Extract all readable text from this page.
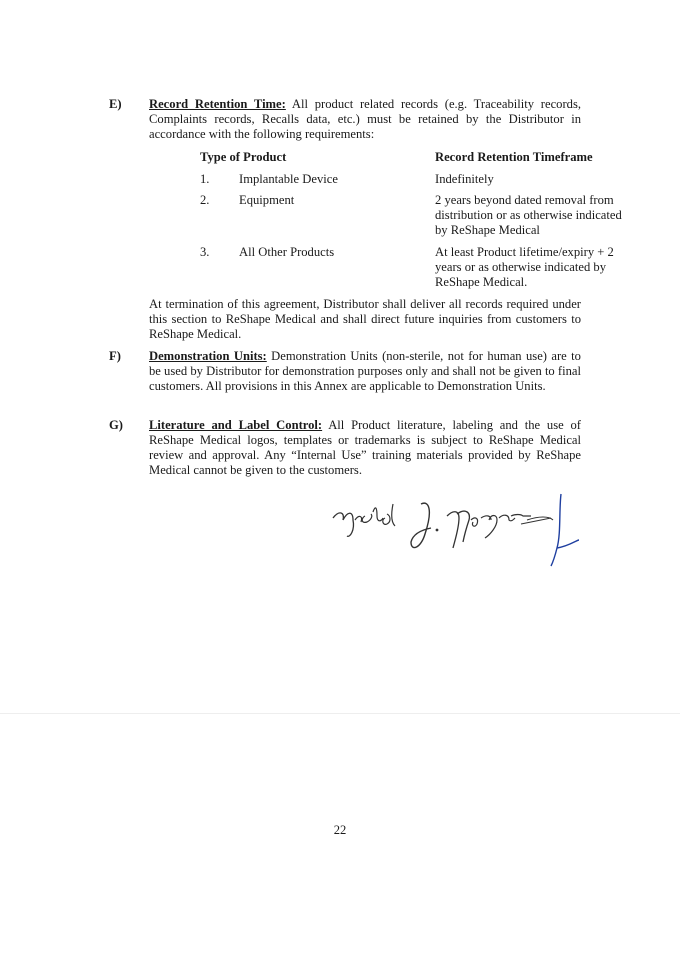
E) Record Retention Time: All product related records (e.g. Traceability records, Complaints records, Recalls data, etc.) must be retained by the Distributor in accordance with the following requirements:
Type of Product	Record Retention Timeframe
1. Implantable Device	Indefinitely
2. Equipment	2 years beyond dated removal from distribution or as otherwise indicated by ReShape Medical
3. All Other Products	At least Product lifetime/expiry + 2 years or as otherwise indicated by ReShape Medical.
At termination of this agreement, Distributor shall deliver all records required under this section to ReShape Medical and shall direct future inquiries from customers to ReShape Medical.
F) Demonstration Units: Demonstration Units (non-sterile, not for human use) are to be used by Distributor for demonstration purposes only and shall not be given to final customers. All provisions in this Annex are applicable to Demonstration Units.
G) Literature and Label Control: All Product literature, labeling and the use of ReShape Medical logos, templates or trademarks is subject to ReShape Medical review and approval. Any “Internal Use” training materials provided by ReShape Medical cannot be given to the customers.
22
